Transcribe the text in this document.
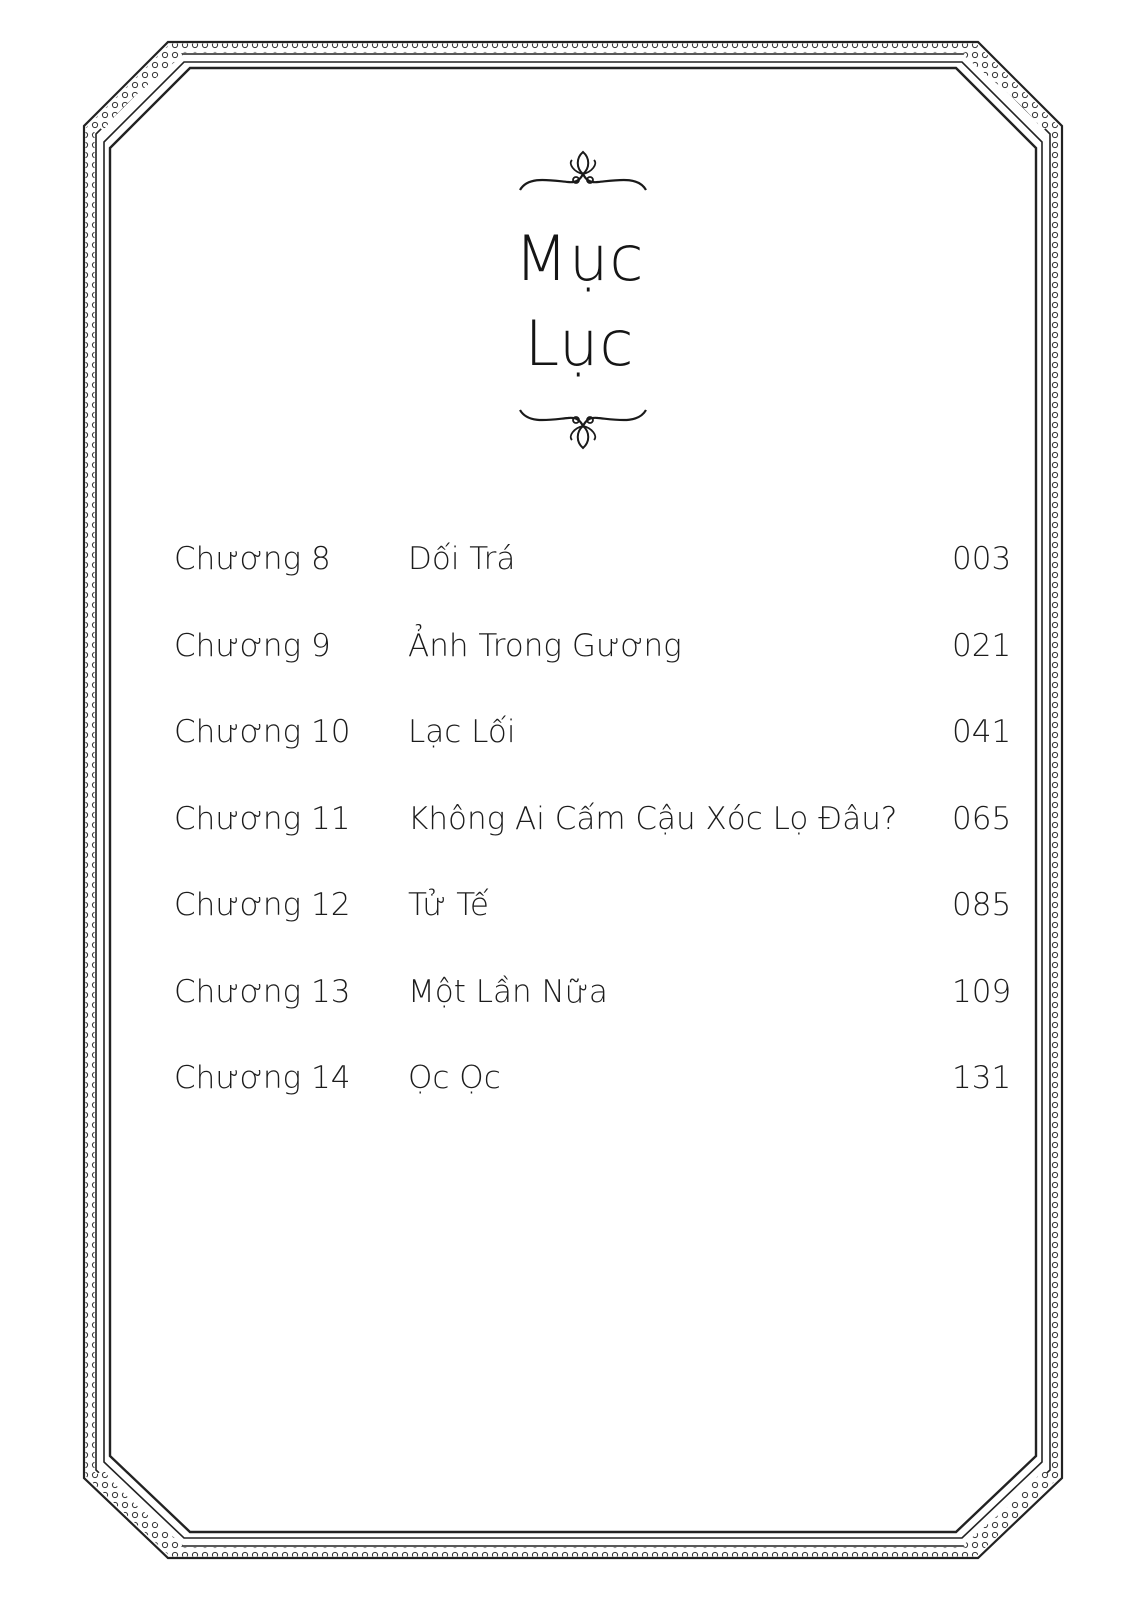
Mục
Lục
Chương 8 Dối Trá	003
Chương 9 Ảnh Trong Gương	021
Chương 10 Lạc Lối	041
Chương 11 Không Ai Cấm Cậu Xóc Lọ Đâu? 065
Chương 12 Tử Tế	085
Chương 13 Một Lần Nữa	109
Chương 14 Ọc Ọc	131
